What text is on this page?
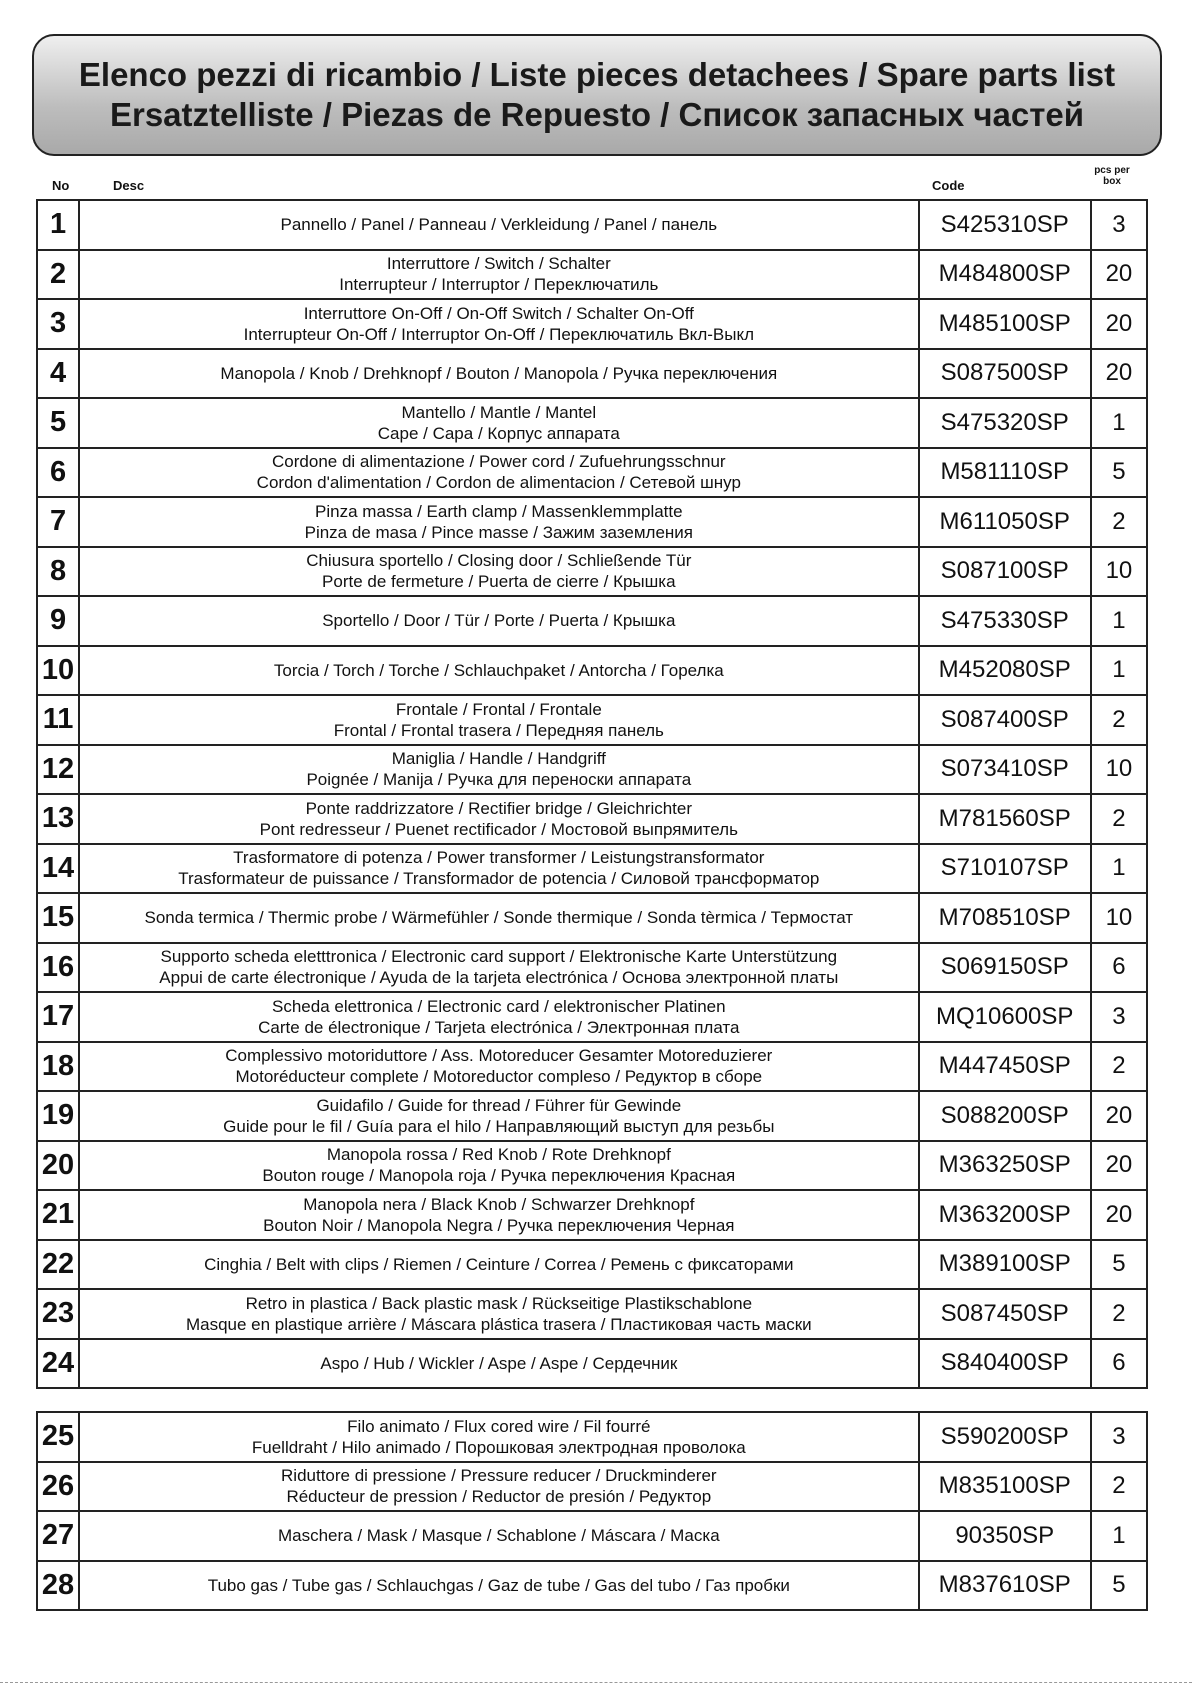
Elenco pezzi di ricambio / Liste pieces detachees / Spare parts list
Ersatztelliste / Piezas de Repuesto / Список запасных частей
No	Desc	Code
pcs per
box
1	Pannello / Panel / Panneau / Verkleidung / Panel / панель	S425310SP	3
2	Interruttore / Switch / Schalter
Interrupteur / Interruptor / Переключатиль	M484800SP	20
3	Interruttore On-Off / On-Off Switch / Schalter On-Off
Interrupteur On-Off / Interruptor On-Off / Переключатиль Вкл-Выкл	M485100SP	20
4	Manopola / Knob / Drehknopf / Bouton / Manopola / Ручка переключения	S087500SP	20
5	Mantello / Mantle / Mantel
Cape / Capa / Корпус аппарата	S475320SP	1
6	Cordone di alimentazione / Power cord / Zufuehrungsschnur
Cordon d'alimentation / Cordon de alimentacion / Сетевой шнур	M581110SP	5
7	Pinza massa / Earth clamp / Massenklemmplatte
Pinza de masa / Pince masse / Зажим заземления	M611050SP	2
8	Chiusura sportello / Closing door / Schließende Tür
Porte de fermeture / Puerta de cierre / Крышка	S087100SP	10
9	Sportello / Door / Tür / Porte / Puerta / Крышка	S475330SP	1
10	Torcia / Torch / Torche / Schlauchpaket / Antorcha / Горелка	M452080SP	1
11	Frontale / Frontal / Frontale
Frontal / Frontal trasera / Передняя панель	S087400SP	2
12	Maniglia / Handle / Handgriff
Poignée / Manija / Ручка для переноски аппарата	S073410SP	10
13	Ponte raddrizzatore / Rectifier bridge / Gleichrichter
Pont redresseur / Puenet rectificador / Мостовой выпрямитель	M781560SP	2
14	Trasformatore di potenza / Power transformer / Leistungstransformator
Trasformateur de puissance / Transformador de potencia / Силовой трансформатор	S710107SP	1
15	Sonda termica / Thermic probe / Wärmefühler / Sonde thermique / Sonda tèrmica / Термостат	M708510SP	10
16	Supporto scheda eletttronica / Electronic card support / Elektronische Karte Unterstützung
Appui de carte électronique / Ayuda de la tarjeta electrónica / Основа электронной платы	S069150SP	6
17	Scheda elettronica / Electronic card / elektronischer Platinen
Carte de électronique / Tarjeta electrónica / Электронная плата	MQ10600SP	3
18	Complessivo motoriduttore / Ass. Motoreducer Gesamter Motoreduzierer
Motoréducteur complete / Motoreductor compleso / Редуктор в сборе	M447450SP	2
19	Guidafilo / Guide for thread / Führer für Gewinde
Guide pour le fil / Guía para el hilo / Направляющий выступ для резьбы	S088200SP	20
20	Manopola rossa / Red Knob / Rote Drehknopf
Bouton rouge / Manopola roja / Ручка переключения Красная	M363250SP	20
21	Manopola nera / Black Knob / Schwarzer Drehknopf
Bouton Noir / Manopola Negra / Ручка переключения Черная	M363200SP	20
22	Cinghia / Belt with clips / Riemen / Ceinture / Correa / Ремень с фиксаторами	M389100SP	5
23	Retro in plastica / Back plastic mask / Rückseitige Plastikschablone
Masque en plastique arrière / Máscara plástica trasera / Пластиковая часть маски	S087450SP	2
24	Aspo / Hub / Wickler / Aspe / Aspe / Сердечник	S840400SP	6
25	Filo animato / Flux cored wire / Fil fourré
Fuelldraht / Hilo animado / Порошковая электродная проволока	S590200SP	3
26	Riduttore di pressione / Pressure reducer / Druckminderer
Réducteur de pression / Reductor de presión / Редуктор	M835100SP	2
27	Maschera / Mask / Masque / Schablone / Máscara / Маска	90350SP	1
28	Tubo gas / Tube gas / Schlauchgas / Gaz de tube / Gas del tubo / Газ пробки	M837610SP	5
